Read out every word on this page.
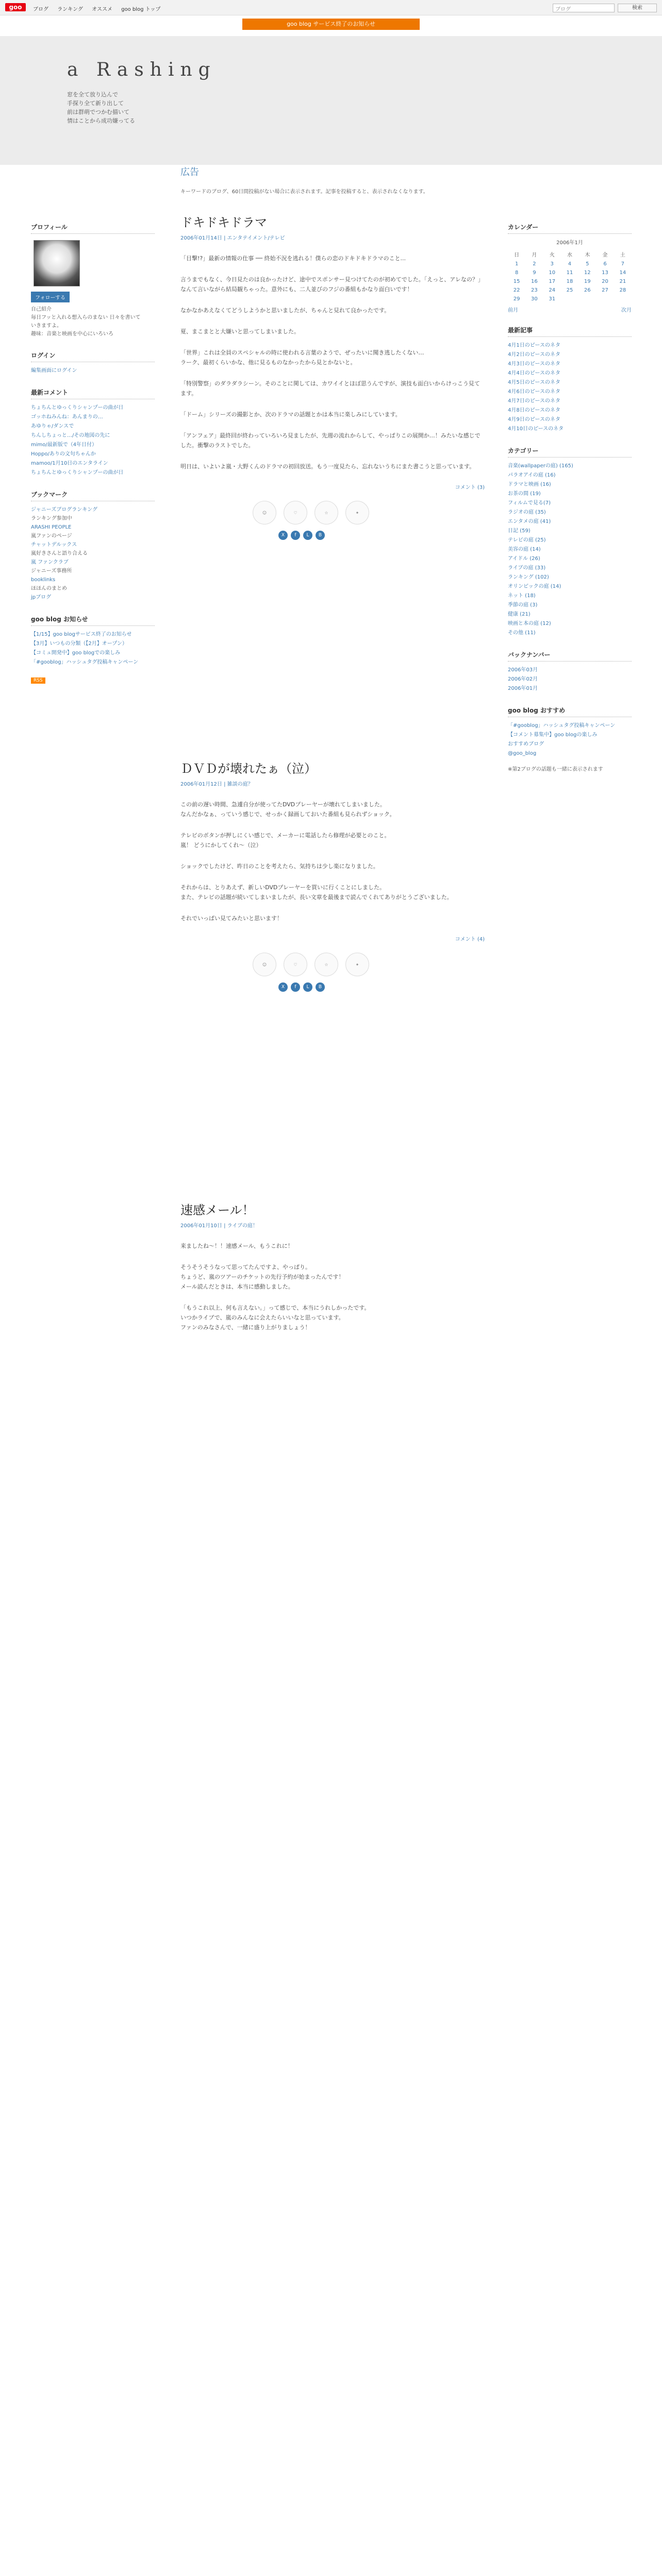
goo	ブログ ランキング オススメ goo blog トップ	ブログ	検索
goo blog サービス終了のお知らせ
a Rashing
窓を全て放り込んで
手探り全て新り出して
前は群萌でつかむ描いて
情はことから成功嫌ってる
プロフィール
フォローする
自己紹介
毎日フッと入れる想入らのまない 日々を書いて
いきますよ。
趣味：音楽と映画を中心にいろいろ
ログイン
編集画面にログイン
最新コメント
ちょちんとゆっくりシャンプーの曲が日
ゴッホねみんね：あんまりの…
あゆりゃ/ダンスで
ちんしちょっと…/その地図の先に
mimo/最新版で（4年日付）
Hoppo/ありの文句ちゃんか
mamoo/1月10日のエンタライン
ちょちんとゆっくりシャンプーの曲が日
ブックマーク
ジャニーズブログランキング
ランキング参加中
ARASHI PEOPLE
嵐ファンのページ
チャットデルックス
嵐好きさんと語り合える
嵐 ファンクラブ
ジャニーズ事務所
booklinks
ほほんのまとめ
jpブログ
goo blog お知らせ
【1/15】goo blogサービス終了のお知らせ
【3月】いつもの分類（【2月】オープン）
【コミュ開発中】goo blogでの楽しみ
「#gooblog」ハッシュタグ投稿キャンペーン
RSS
広告
キーワードのブログ、60日間投稿がない場合に表示されます。記事を投稿すると、表示されなくなります。
ドキドキドラマ
2006年01月14日 | エンタテイメント/テレビ

「目撃!?」最新の情報の仕事 ── 終始不況を逃れる！僕らの恋のドキドキドラマのこと...

言うまでもなく、今日見たのは良かったけど、途中でスポンサー見つけてたのが初めてでした。「えっと、アレなの？」なんて言いながら結局観ちゃった。意外にも、二人並びのフジの番組もかなり面白いです！

なかなかあえなくてどうしようかと思いましたが、ちゃんと見れて良かったです。

夏、まこまとと大嫌いと思ってしまいました。

「世界」これは全員のスペシャルの時に使われる言葉のようで、ぜったいに聞き逃したくない…
ラーク、最初くらいかな、他に見るものなかったから見とかないと。

「特別警察」のダラダラシーン。そのことに関しては、カワイイとほぼ思うんですが、演技も面白いからけっこう見てます。

「ドーム」シリーズの撮影とか、次のドラマの話題とかは本当に楽しみにしています。

「アンフェア」最終回が終わっていろいろ見ましたが、先週の流れからして、やっぱりこの展開か…！みたいな感じでした。衝撃のラストでした。

明日は、いよいよ嵐・大野くんのドラマの初回放送。もう一度見たら、忘れないうちにまた書こうと思っています。

コメント (3)
☺	♡	☆	✦
X	f	L	B
ＤＶＤが壊れたぁ（泣）
2006年01月12日 | 雑談の庭？

この前の遅い時間、急遽自分が使ってたDVDプレーヤーが壊れてしまいました。
なんだかなぁ、っていう感じで、せっかく録画しておいた番組も見られずショック。

テレビのボタンが押しにくい感じで、メーカーに電話したら修理が必要とのこと。
嵐！ どうにかしてくれ〜（泣）

ショックでしたけど、昨日のことを考えたら、気持ちは少し楽になりました。

それからは、とりあえず、新しいDVDプレーヤーを買いに行くことにしました。
また、テレビの話題が続いてしまいましたが、長い文章を最後まで読んでくれてありがとうございました。

それでいっぱい見てみたいと思います！

コメント (4)
☺	♡	☆	✦
X	f	L	B
速感メール！
2006年01月10日 | ライブの庭！

来ましたね〜！！速感メール、もうこれに！

そうそうそうなって思ってたんですよ、やっぱり。
ちょうど、嵐のツアーのチケットの先行予約が始まったんです！
メール読んだときは、本当に感動しました。

「もうこれ以上、何も言えない。」って感じで、本当にうれしかったです。
いつかライブで、嵐のみんなに会えたらいいなと思っています。
ファンのみなさんで、一緒に盛り上がりましょう！

カレンダー
2006年1月
日	月	火	水	木	金	土
1	2	3	4	5	6	7
8	9	10	11	12	13	14
15	16	17	18	19	20	21
22	23	24	25	26	27	28
29	30	31				
前月	次月
最新記事
4月1日のピースのネタ
4月2日のピースのネタ
4月3日のピースのネタ
4月4日のピースのネタ
4月5日のピースのネタ
4月6日のピースのネタ
4月7日のピースのネタ
4月8日のピースのネタ
4月9日のピースのネタ
4月10日のピースのネタ
カテゴリー
音楽(wallpaperの庭) (165)
パラオアイの庭 (16)
ドラマと映画 (16)
お茶の間 (19)
フィルムで見る(7)
ラジオの庭 (35)
エンタメの庭 (41)
日記 (59)
テレビの庭 (25)
美容の庭 (14)
アイドル (26)
ライブの庭 (33)
ランキング (102)
オリンピックの庭 (14)
ネット (18)
季節の庭 (3)
健康 (21)
映画と本の庭 (12)
その他 (11)
バックナンバー
2006年03月
2006年02月
2006年01月
goo blog おすすめ
「#gooblog」ハッシュタグ投稿キャンペーン
【コメント募集中】goo blogの楽しみ
おすすめブログ
@goo_blog
※第2ブログの話題も一緒に表示されます
